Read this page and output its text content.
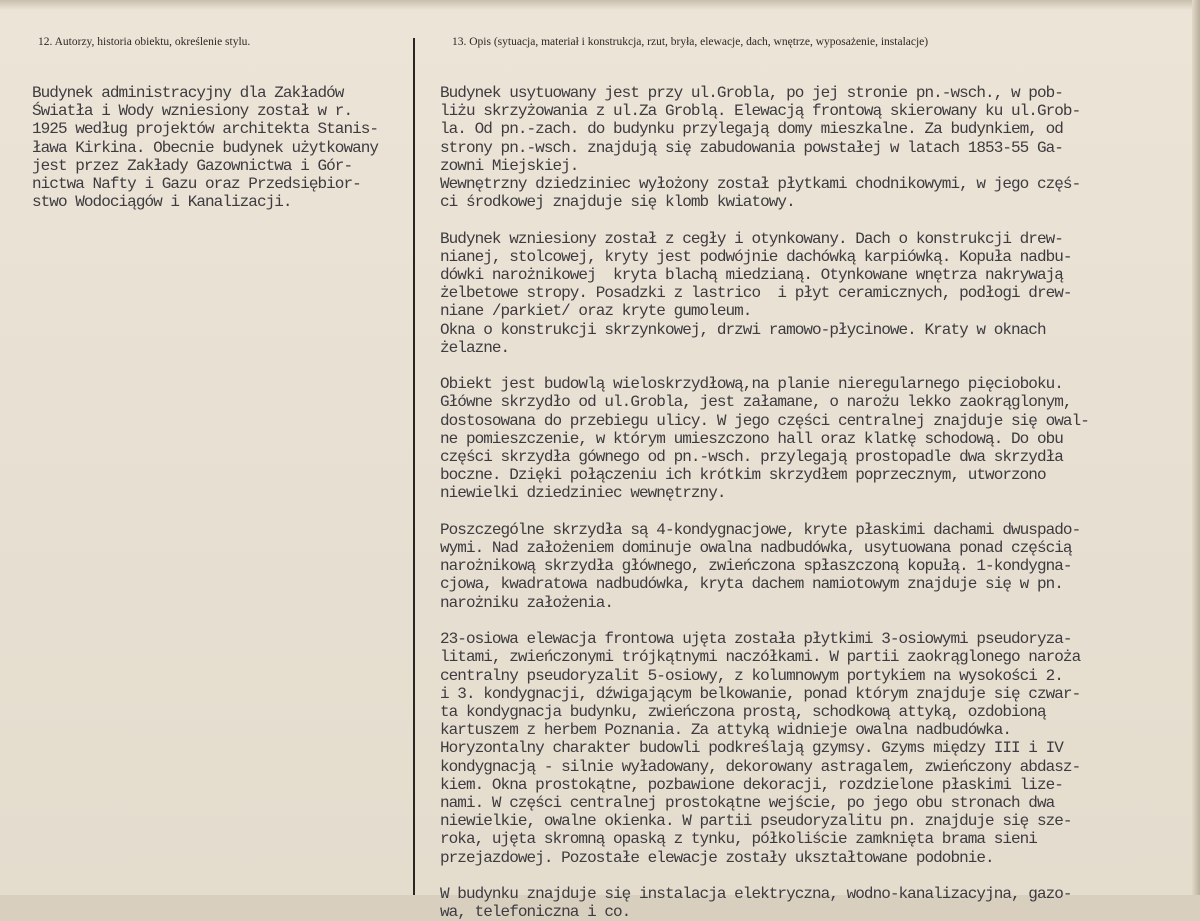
12. Autorzy, historia obiektu, określenie stylu.	13. Opis (sytuacja, materiał i konstrukcja, rzut, bryła, elewacje, dach, wnętrze, wyposażenie, instalacje)
Budynek administracyjny dla Zakładów
Światła i Wody wzniesiony został w r.
1925 według projektów architekta Stanis-
ława Kirkina. Obecnie budynek użytkowany
jest przez Zakłady Gazownictwa i Gór-
nictwa Nafty i Gazu oraz Przedsiębior-
stwo Wodociągów i Kanalizacji.
Budynek usytuowany jest przy ul.Grobla, po jej stronie pn.-wsch., w pob-
liżu skrzyżowania z ul.Za Groblą. Elewacją frontową skierowany ku ul.Grob-
la. Od pn.-zach. do budynku przylegają domy mieszkalne. Za budynkiem, od
strony pn.-wsch. znajdują się zabudowania powstałej w latach 1853-55 Ga-
zowni Miejskiej.
Wewnętrzny dziedziniec wyłożony został płytkami chodnikowymi, w jego częś-
ci środkowej znajduje się klomb kwiatowy.

Budynek wzniesiony został z cegły i otynkowany. Dach o konstrukcji drew-
nianej, stolcowej, kryty jest podwójnie dachówką karpiówką. Kopuła nadbu-
dówki narożnikowej  kryta blachą miedzianą. Otynkowane wnętrza nakrywają
żelbetowe stropy. Posadzki z lastrico  i płyt ceramicznych, podłogi drew-
niane /parkiet/ oraz kryte gumoleum.
Okna o konstrukcji skrzynkowej, drzwi ramowo-płycinowe. Kraty w oknach
żelazne.

Obiekt jest budowlą wieloskrzydłową,na planie nieregularnego pięcioboku.
Główne skrzydło od ul.Grobla, jest załamane, o narożu lekko zaokrąglonym,
dostosowana do przebiegu ulicy. W jego części centralnej znajduje się owal-
ne pomieszczenie, w którym umieszczono hall oraz klatkę schodową. Do obu
części skrzydła gównego od pn.-wsch. przylegają prostopadle dwa skrzydła
boczne. Dzięki połączeniu ich krótkim skrzydłem poprzecznym, utworzono
niewielki dziedziniec wewnętrzny.

Poszczególne skrzydła są 4-kondygnacjowe, kryte płaskimi dachami dwuspado-
wymi. Nad założeniem dominuje owalna nadbudówka, usytuowana ponad częścią
narożnikową skrzydła głównego, zwieńczona spłaszczoną kopułą. 1-kondygna-
cjowa, kwadratowa nadbudówka, kryta dachem namiotowym znajduje się w pn.
narożniku założenia.

23-osiowa elewacja frontowa ujęta została płytkimi 3-osiowymi pseudoryza-
litami, zwieńczonymi trójkątnymi naczółkami. W partii zaokrąglonego naroża
centralny pseudoryzalit 5-osiowy, z kolumnowym portykiem na wysokości 2.
i 3. kondygnacji, dźwigającym belkowanie, ponad którym znajduje się czwar-
ta kondygnacja budynku, zwieńczona prostą, schodkową attyką, ozdobioną
kartuszem z herbem Poznania. Za attyką widnieje owalna nadbudówka.
Horyzontalny charakter budowli podkreślają gzymsy. Gzyms między III i IV
kondygnacją - silnie wyładowany, dekorowany astragalem, zwieńczony abdasz-
kiem. Okna prostokątne, pozbawione dekoracji, rozdzielone płaskimi lize-
nami. W części centralnej prostokątne wejście, po jego obu stronach dwa
niewielkie, owalne okienka. W partii pseudoryzalitu pn. znajduje się sze-
roka, ujęta skromną opaską z tynku, półkoliście zamknięta brama sieni
przejazdowej. Pozostałe elewacje zostały ukształtowane podobnie.

W budynku znajduje się instalacja elektryczna, wodno-kanalizacyjna, gazo-
wa, telefoniczna i co.
